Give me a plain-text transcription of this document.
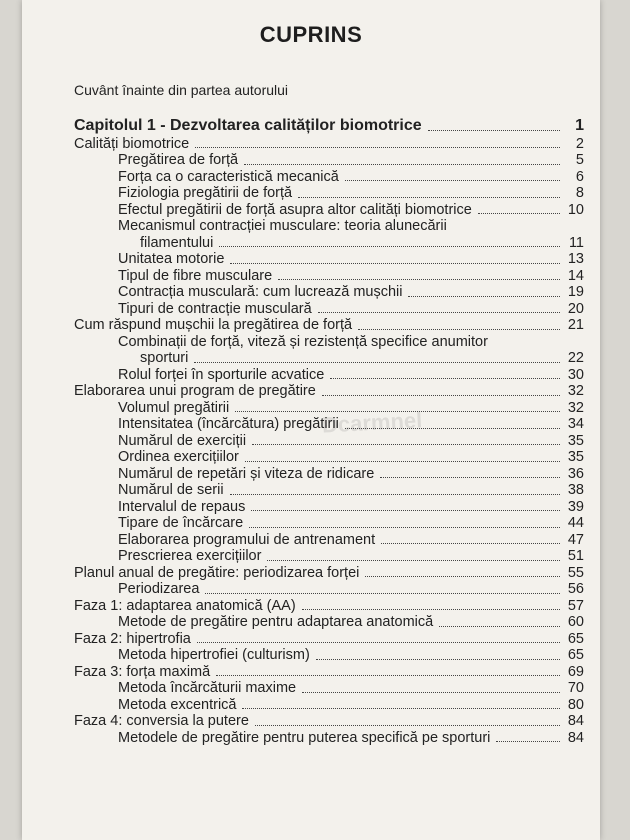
CUPRINS
Cuvânt înainte din partea autorului
Dcarmnel
Capitolul 1 - Dezvoltarea calităților biomotrice	1
Calități biomotrice	2
Pregătirea de forță	5
Forța ca o caracteristică mecanică	6
Fiziologia pregătirii de forță	8
Efectul pregătirii de forță asupra altor calități biomotrice	10
Mecanismul contracției musculare: teoria alunecării
filamentului	11
Unitatea motorie	13
Tipul de fibre musculare	14
Contracția musculară: cum lucrează mușchii	19
Tipuri de contracție musculară	20
Cum răspund mușchii la pregătirea de forță	21
Combinații de forță, viteză și rezistență specifice anumitor
sporturi	22
Rolul forței în sporturile acvatice	30
Elaborarea unui program de pregătire	32
Volumul pregătirii	32
Intensitatea (încărcătura) pregătirii	34
Numărul de exerciții	35
Ordinea exercițiilor	35
Numărul de repetări și viteza de ridicare	36
Numărul de serii	38
Intervalul de repaus	39
Tipare de încărcare	44
Elaborarea programului de antrenament	47
Prescrierea exercițiilor	51
Planul anual de pregătire: periodizarea forței	55
Periodizarea	56
Faza 1: adaptarea anatomică (AA)	57
Metode de pregătire pentru adaptarea anatomică	60
Faza 2: hipertrofia	65
Metoda hipertrofiei (culturism)	65
Faza 3: forța maximă	69
Metoda încărcăturii maxime	70
Metoda excentrică	80
Faza 4: conversia la putere	84
Metodele de pregătire pentru puterea specifică pe sporturi	84
